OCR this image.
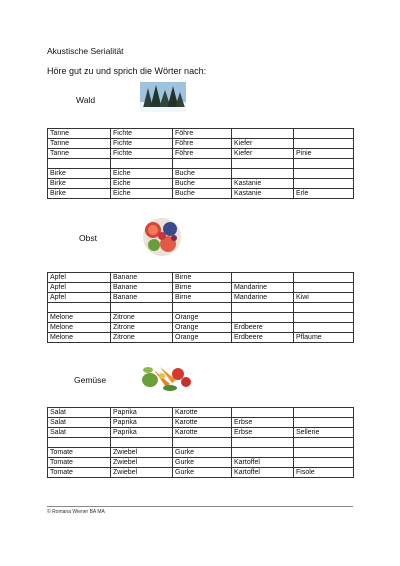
Akustische Serialität
Höre gut zu und sprich die Wörter nach:
Wald
Tanne	Fichte	Föhre		
Tanne	Fichte	Föhre	Kiefer	
Tanne	Fichte	Föhre	Kiefer	Pinie

Birke	Eiche	Buche		
Birke	Eiche	Buche	Kastanie	
Birke	Eiche	Buche	Kastanie	Erle
Obst
Apfel	Banane	Birne		
Apfel	Banane	Birne	Mandarine	
Apfel	Banane	Birne	Mandarine	Kiwi

Melone	Zitrone	Orange		
Melone	Zitrone	Orange	Erdbeere	
Melone	Zitrone	Orange	Erdbeere	Pflaume
Gemüse
Salat	Paprika	Karotte		
Salat	Paprika	Karotte	Erbse	
Salat	Paprika	Karotte	Erbse	Sellerie

Tomate	Zwiebel	Gurke		
Tomate	Zwiebel	Gurke	Kartoffel	
Tomate	Zwiebel	Gurke	Kartoffel	Fisole
© Romana Wiener BA MA
